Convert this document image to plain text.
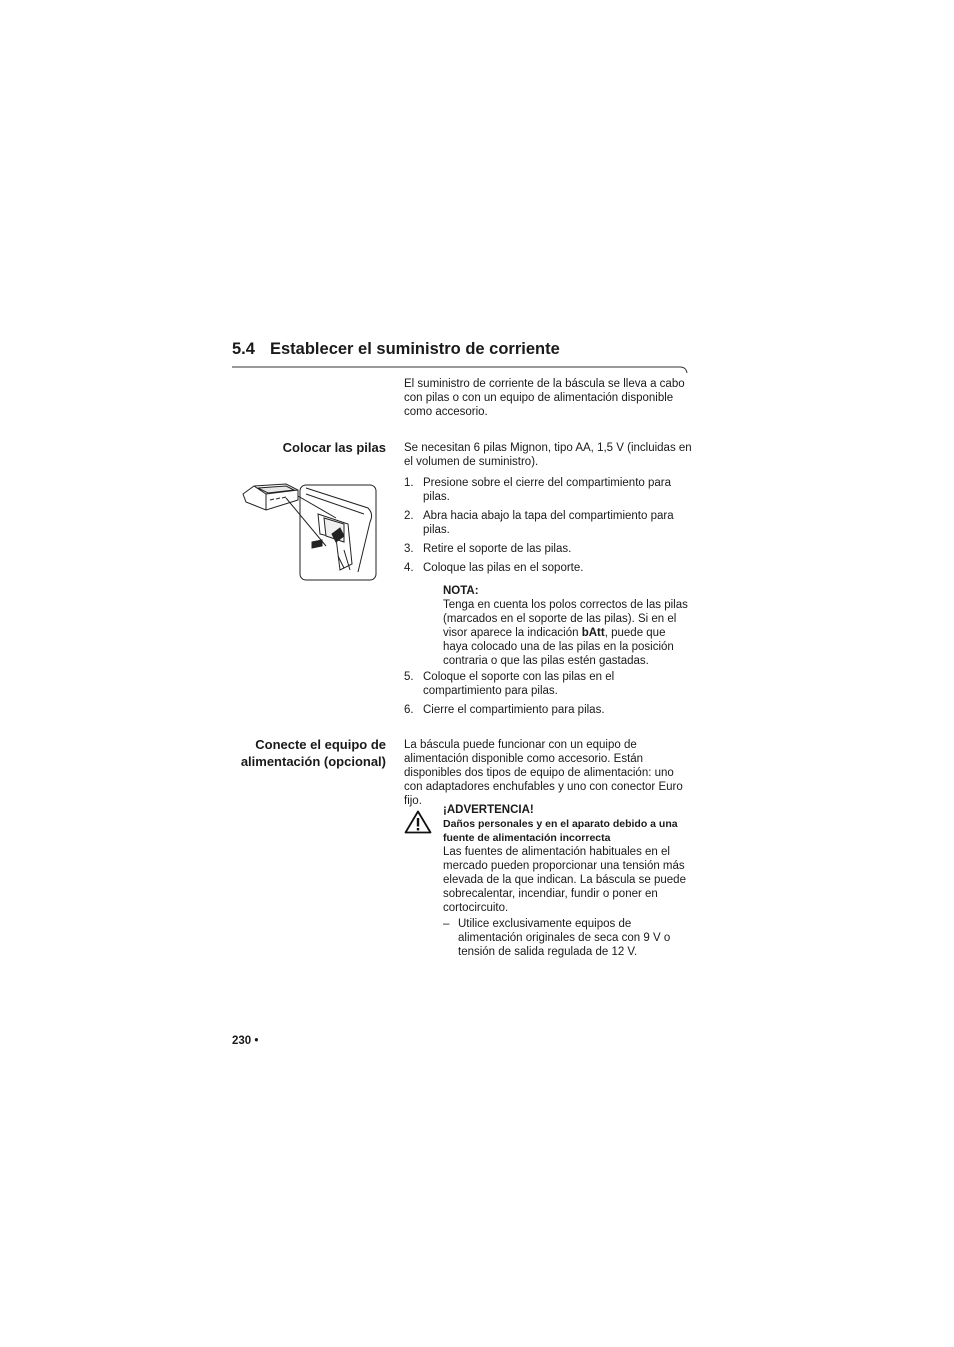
5.4 Establecer el suministro de corriente
El suministro de corriente de la báscula se lleva a cabo con pilas o con un equipo de alimentación disponible como accesorio.
Colocar las pilas Se necesitan 6 pilas Mignon, tipo AA, 1,5 V (incluidas en el volumen de suministro).
1. Presione sobre el cierre del compartimiento para pilas.
2. Abra hacia abajo la tapa del compartimiento para pilas.
3. Retire el soporte de las pilas.
4. Coloque las pilas en el soporte.
NOTA:
Tenga en cuenta los polos correctos de las pilas (marcados en el soporte de las pilas). Si en el visor aparece la indicación bAtt, puede que haya colocado una de las pilas en la posición contraria o que las pilas estén gastadas.
5. Coloque el soporte con las pilas en el compartimiento para pilas.
6. Cierre el compartimiento para pilas.
Conecte el equipo de
alimentación (opcional)
La báscula puede funcionar con un equipo de alimentación disponible como accesorio. Están disponibles dos tipos de equipo de alimentación: uno con adaptadores enchufables y uno con conector Euro fijo.
¡ADVERTENCIA!
Daños personales y en el aparato debido a una fuente de alimentación incorrecta
Las fuentes de alimentación habituales en el mercado pueden proporcionar una tensión más elevada de la que indican. La báscula se puede sobrecalentar, incendiar, fundir o poner en cortocircuito.
– Utilice exclusivamente equipos de alimentación originales de seca con 9 V o tensión de salida regulada de 12 V.
230 •
